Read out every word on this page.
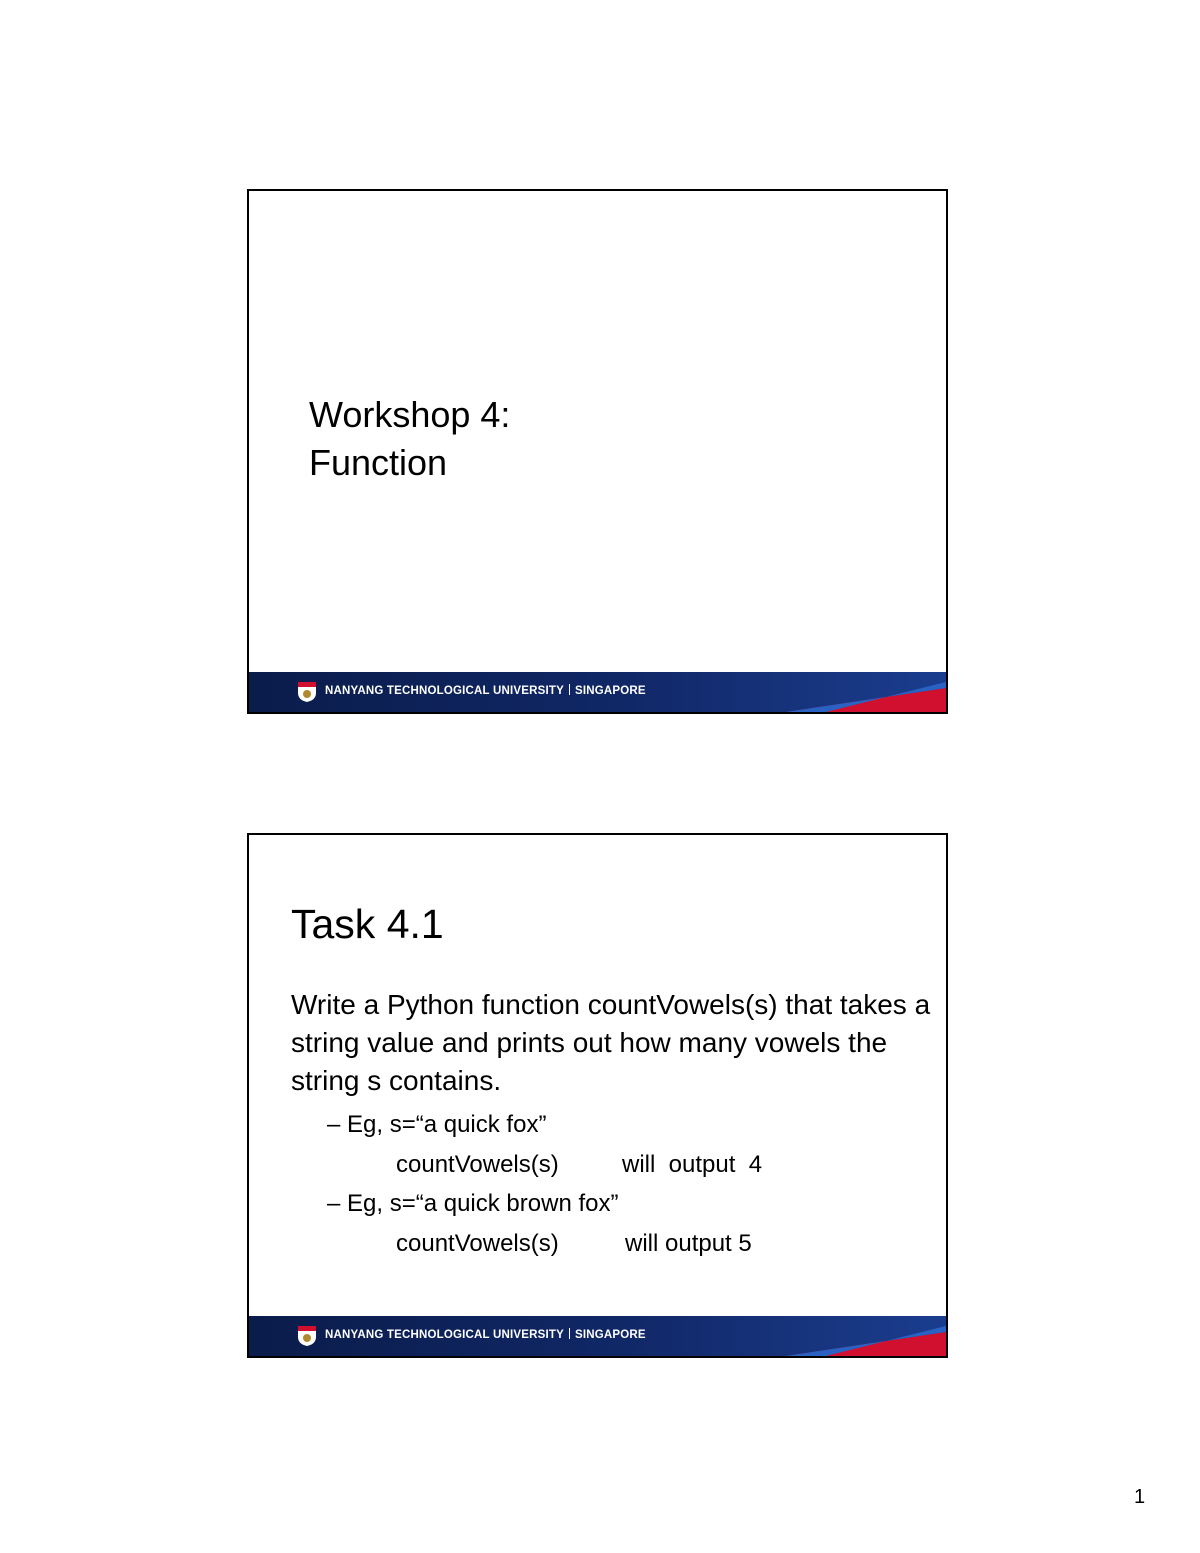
Workshop 4:
Function
NANYANG TECHNOLOGICAL UNIVERSITY SINGAPORE
Task 4.1
Write a Python function countVowels(s) that takes a string value and prints out how many vowels the string s contains.
– Eg, s=“a quick fox”
countVowels(s)	will  output  4
– Eg, s=“a quick brown fox”
countVowels(s)	will output 5
NANYANG TECHNOLOGICAL UNIVERSITY SINGAPORE
1
